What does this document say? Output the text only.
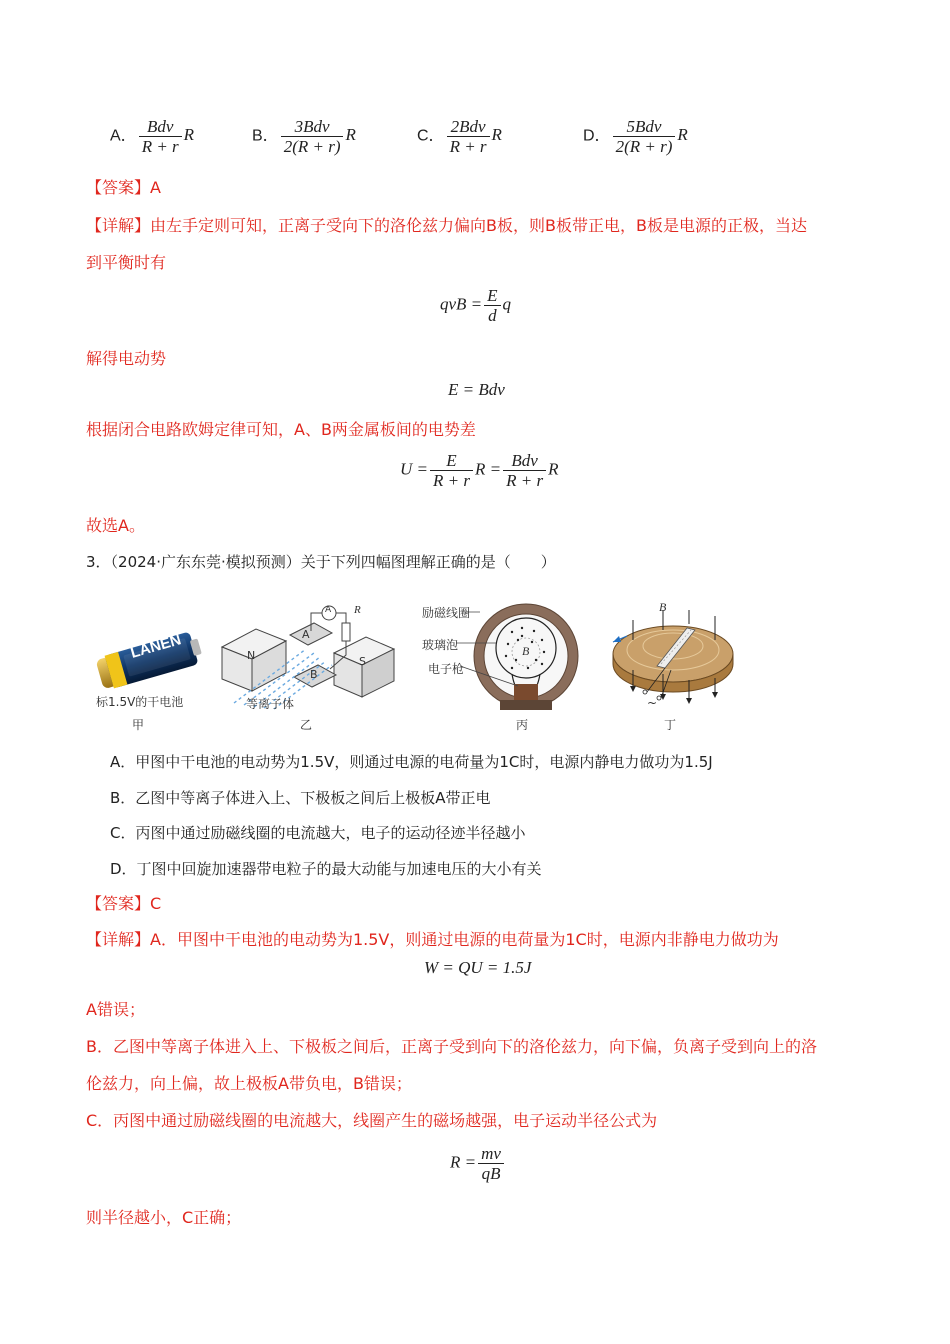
A． $\frac{\text{Bdv}}{R + r}$ R	B． $\frac{\text{3Bdv}}{2(R + r)}$ R	C． $\frac{\text{2Bdv}}{R + r}$ R	D． $\frac{\text{5Bdv}}{2(R + r)}$ R
【答案】A
【详解】由左手定则可知，正离子受向下的洛伦兹力偏向B板，则B板带正电，B板是电源的正极，当达
到平衡时有
qvB = $\frac{E}{d}$ q
解得电动势
E = Bdv
根据闭合电路欧姆定律可知，A、B两金属板间的电势差
$U = \frac{E}{R + r}$ $R = \frac{\text{Bdv}}{R + r}$ R
故选A。
3．（2024·广东东莞·模拟预测）关于下列四幅图理解正确的是（　　）
LANEN
标1.5V的干电池
甲
N	S
A
B
A R
等离子体
乙
励磁线圈
玻璃泡
电子枪
B
丙
B
~
丁
A．甲图中干电池的电动势为1.5V，则通过电源的电荷量为1C时，电源内静电力做功为1.5J
B．乙图中等离子体进入上、下极板之间后上极板A带正电
C．丙图中通过励磁线圈的电流越大，电子的运动径迹半径越小
D．丁图中回旋加速器带电粒子的最大动能与加速电压的大小有关
【答案】C
【详解】A．甲图中干电池的电动势为1.5V，则通过电源的电荷量为1C时，电源内非静电力做功为
W = QU = 1.5J
A错误；
B．乙图中等离子体进入上、下极板之间后，正离子受到向下的洛伦兹力，向下偏，负离子受到向上的洛
伦兹力，向上偏，故上极板A带负电，B错误；
C．丙图中通过励磁线圈的电流越大，线圈产生的磁场越强，电子运动半径公式为
$R = \frac{mv}{qB}$
则半径越小，C正确；
